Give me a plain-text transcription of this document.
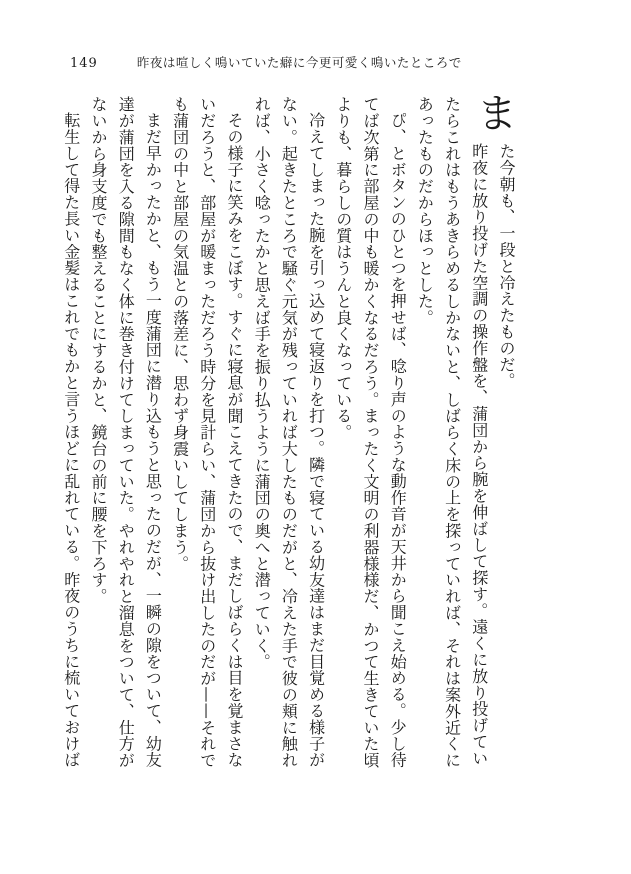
149	昨夜は喧しく鳴いていた癖に今更可愛く鳴いたところで
ま
た今朝も、一段と冷えたものだ。
昨夜に放り投げた空調の操作盤を、蒲団から腕を伸ばして探す。遠くに放り投げてい
たらこれはもうあきらめるしかないと、しばらく床の上を探っていれば、それは案外近くに
あったものだからほっとした。
ぴ、とボタンのひとつを押せば、唸り声のような動作音が天井から聞こえ始める。少し待
てば次第に部屋の中も暖かくなるだろう。まったく文明の利器様様だ、かつて生きていた頃
よりも、暮らしの質はうんと良くなっている。
冷えてしまった腕を引っ込めて寝返りを打つ。隣で寝ている幼友達はまだ目覚める様子が
ない。起きたところで騒ぐ元気が残っていれば大したものだがと、冷えた手で彼の頬に触れ
れば、小さく唸ったかと思えば手を振り払うように蒲団の奥へと潜っていく。
その様子に笑みをこぼす。すぐに寝息が聞こえてきたので、まだしばらくは目を覚まさな
いだろうと、部屋が暖まっただろう時分を見計らい、蒲団から抜け出したのだが——それで
も蒲団の中と部屋の気温との落差に、思わず身震いしてしまう。
まだ早かったかと、もう一度蒲団に潜り込もうと思ったのだが、一瞬の隙をついて、幼友
達が蒲団を入る隙間もなく体に巻き付けてしまっていた。やれやれと溜息をついて、仕方が
ないから身支度でも整えることにするかと、鏡台の前に腰を下ろす。
転生して得た長い金髪はこれでもかと言うほどに乱れている。昨夜のうちに梳いておけば
